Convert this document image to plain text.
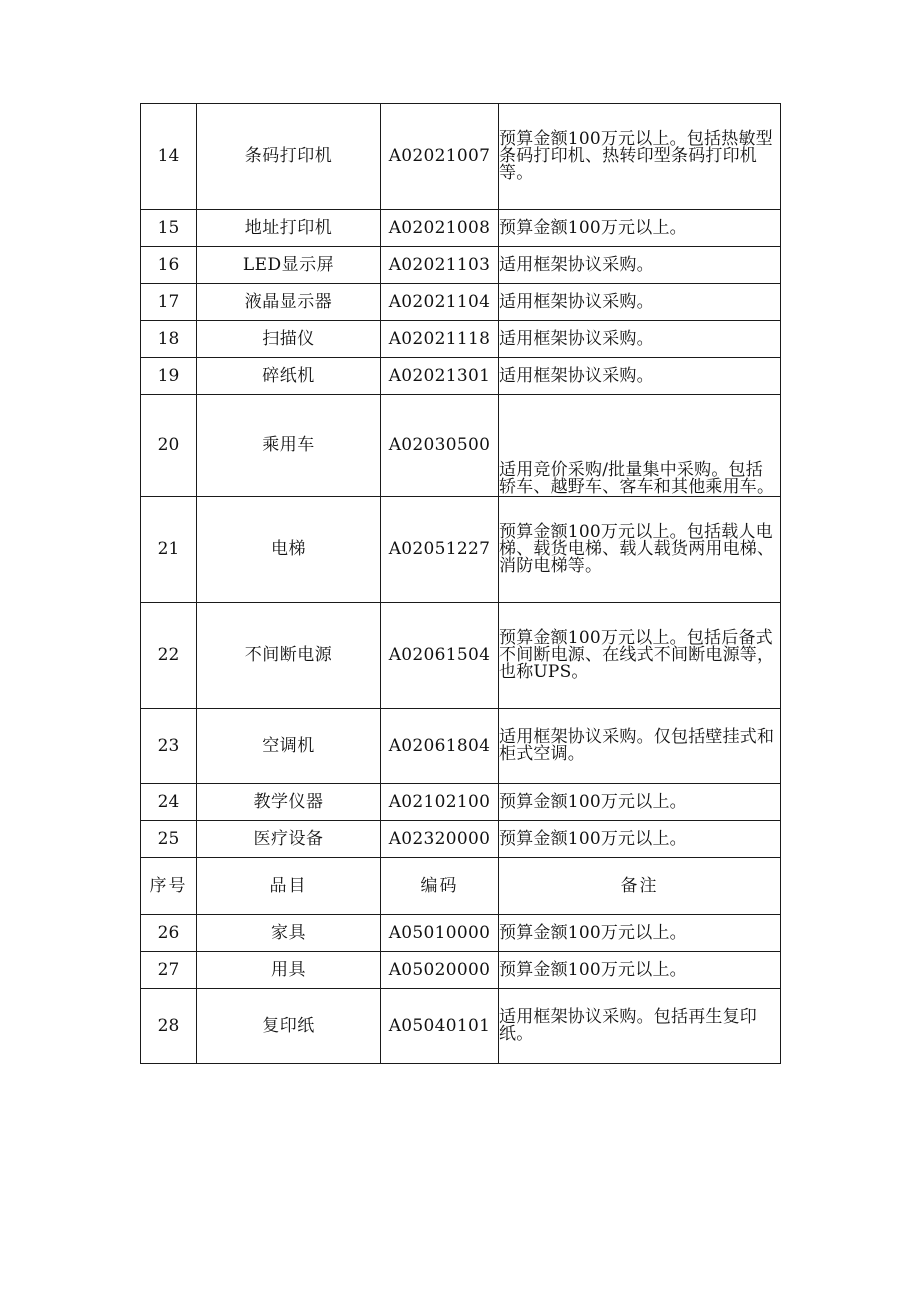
14	条码打印机	A02021007	预算金额100万元以上。包括热敏型条码打印机、热转印型条码打印机等。
15	地址打印机	A02021008	预算金额100万元以上。
16	LED显示屏	A02021103	适用框架协议采购。
17	液晶显示器	A02021104	适用框架协议采购。
18	扫描仪	A02021118	适用框架协议采购。
19	碎纸机	A02021301	适用框架协议采购。
20	乘用车	A02030500	适用竞价采购/批量集中采购。包括轿车、越野车、客车和其他乘用车。
21	电梯	A02051227	预算金额100万元以上。包括载人电梯、载货电梯、载人载货两用电梯、消防电梯等。
22	不间断电源	A02061504	预算金额100万元以上。包括后备式不间断电源、在线式不间断电源等，也称UPS。
23	空调机	A02061804	适用框架协议采购。仅包括壁挂式和柜式空调。
24	教学仪器	A02102100	预算金额100万元以上。
25	医疗设备	A02320000	预算金额100万元以上。
序号	品目	编码	备注
26	家具	A05010000	预算金额100万元以上。
27	用具	A05020000	预算金额100万元以上。
28	复印纸	A05040101	适用框架协议采购。包括再生复印纸。
